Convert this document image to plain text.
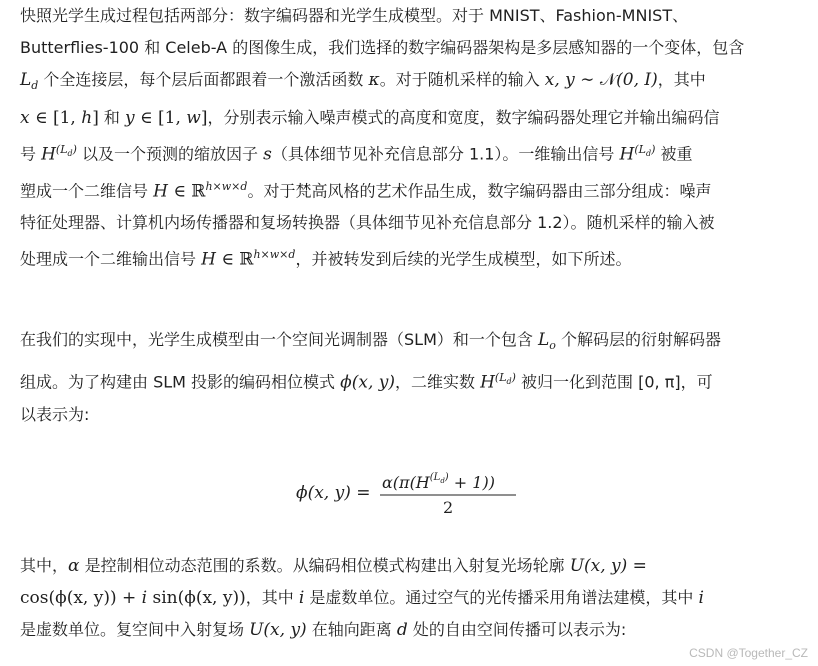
快照光学生成过程包括两部分：数字编码器和光学生成模型。对于 MNIST、Fashion-MNIST、
Butterflies-100 和 Celeb-A 的图像生成，我们选择的数字编码器架构是多层感知器的一个变体，包含
$L_d$ 个全连接层，每个层后面都跟着一个激活函数 κ。对于随机采样的输入 x, y ∼ 𝒩(0, I)，其中
x ∈ [1, h] 和 y ∈ [1, w]，分别表示输入噪声模式的高度和宽度，数字编码器处理它并输出编码信
号 $H^{(L_d)}$ 以及一个预测的缩放因子 s（具体细节见补充信息部分 1.1）。一维输出信号 $H^{(L_d)}$ 被重
塑成一个二维信号 H ∈ ℝ$^{h\times w\times d}$。对于梵高风格的艺术作品生成，数字编码器由三部分组成：噪声
特征处理器、计算机内场传播器和复场转换器（具体细节见补充信息部分 1.2）。随机采样的输入被
处理成一个二维输出信号 H ∈ ℝ$^{h\times w\times d}$，并被转发到后续的光学生成模型，如下所述。
在我们的实现中，光学生成模型由一个空间光调制器（SLM）和一个包含 $L_o$ 个解码层的衍射解码器
组成。为了构建由 SLM 投影的编码相位模式 ϕ(x, y)，二维实数 $H^{(L_d)}$ 被归一化到范围 [0, π]，可
以表示为:
ϕ(x, y) =
$\alpha(\pi(H^{(L}d) + 1)$)
2
其中，α 是控制相位动态范围的系数。从编码相位模式构建出入射复光场轮廓 U(x, y) =
cos(ϕ(x, y)) + i sin(ϕ(x, y))，其中 i 是虚数单位。通过空气的光传播采用角谱法建模，其中 i
是虚数单位。复空间中入射复场 U(x, y) 在轴向距离 d 处的自由空间传播可以表示为:
CSDN @Together_CZ
